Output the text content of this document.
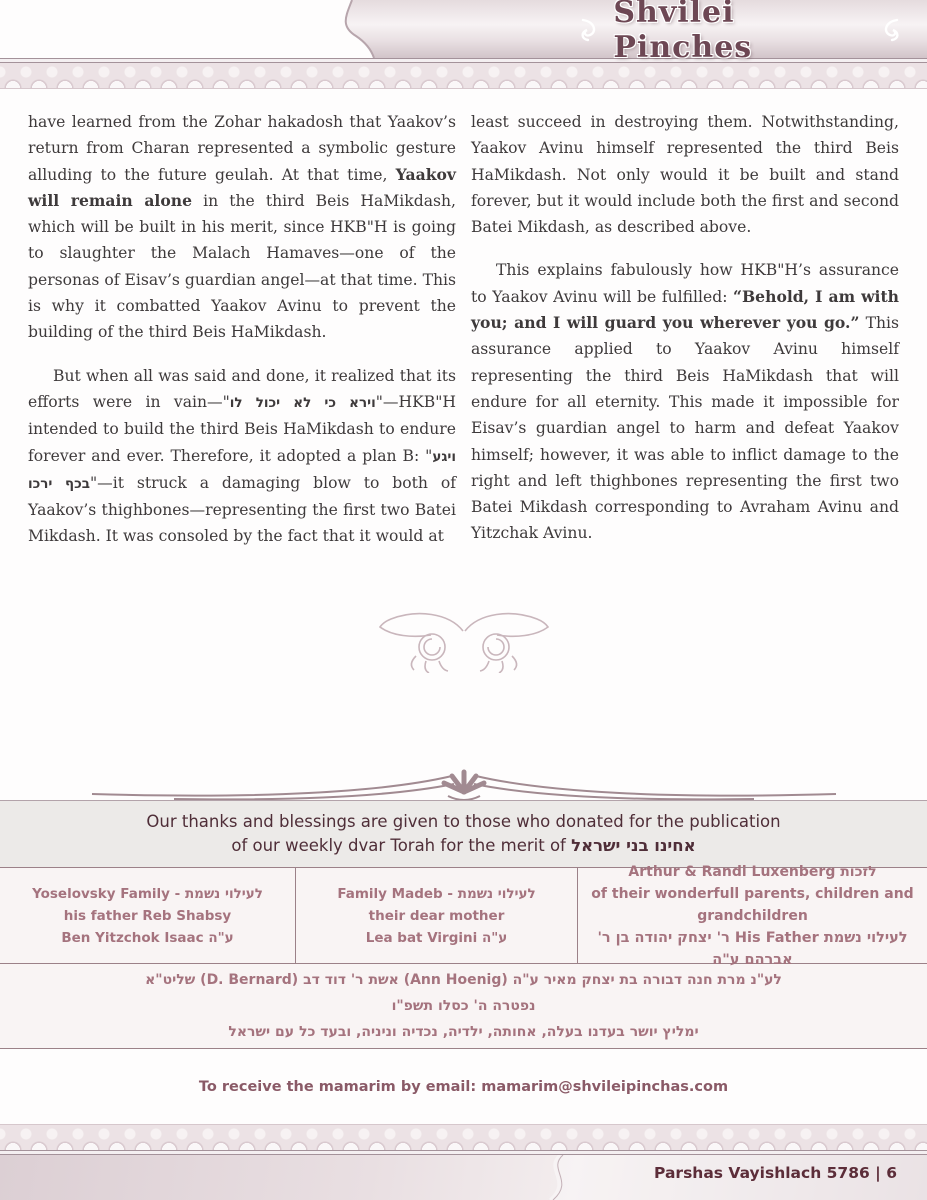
Shvilei Pinches

have learned from the Zohar hakadosh that Yaakov’s return from Charan represented a symbolic gesture alluding to the future geulah. At that time, Yaakov will remain alone in the third Beis HaMikdash, which will be built in his merit, since HKB"H is going to slaughter the Malach Hamaves—one of the personas of Eisav’s guardian angel—at that time. This is why it combatted Yaakov Avinu to prevent the building of the third Beis HaMikdash.

But when all was said and done, it realized that its efforts were in vain—"וירא כי לא יכול לו"—HKB"H intended to build the third Beis HaMikdash to endure forever and ever. Therefore, it adopted a plan B: "ויגע בכף ירכו"—it struck a damaging blow to both of Yaakov’s thighbones—representing the first two Batei Mikdash. It was consoled by the fact that it would at

least succeed in destroying them. Notwithstanding, Yaakov Avinu himself represented the third Beis HaMikdash. Not only would it be built and stand forever, but it would include both the first and second Batei Mikdash, as described above.

This explains fabulously how HKB"H’s assurance to Yaakov Avinu will be fulfilled: “Behold, I am with you; and I will guard you wherever you go.” This assurance applied to Yaakov Avinu himself representing the third Beis HaMikdash that will endure for all eternity. This made it impossible for Eisav’s guardian angel to harm and defeat Yaakov himself; however, it was able to inflict damage to the right and left thighbones representing the first two Batei Mikdash corresponding to Avraham Avinu and Yitzchak Avinu.

Our thanks and blessings are given to those who donated for the publication
of our weekly dvar Torah for the merit of אחינו בני ישראל
Yoselovsky Family - לעילוי נשמת
his father Reb Shabsy
Ben Yitzchok Isaac ע"ה
Family Madeb - לעילוי נשמת
their dear mother
Lea bat Virgini ע"ה
Arthur & Randi Luxenberg לזכות
of their wonderfull parents, children and grandchildren
לעילוי נשמת His Father ר' יצחק יהודה בן ר' אברהם ע"ה
לע"נ מרת חנה דבורה בת יצחק מאיר ע"ה (Ann Hoenig) אשת ר' דוד דב (D. Bernard) שליט"א
נפטרה ה' כסלו תשפ"ו
ימליץ יושר בעדנו בעלה, אחותה, ילדיה, נכדיה וניניה, ובעד כל עם ישראל
To receive the mamarim by email: mamarim@shvileipinchas.com
Parshas Vayishlach 5786 | 6
